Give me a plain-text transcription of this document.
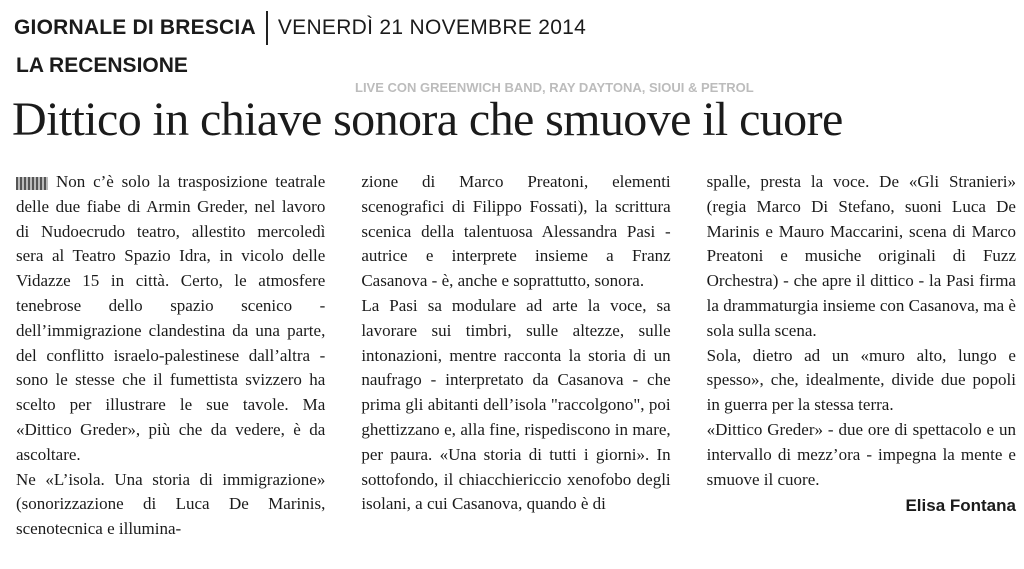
GIORNALE DI BRESCIA VENERDÌ 21 NOVEMBRE 2014
LA RECENSIONE
LIVE CON GREENWICH BAND, RAY DAYTONA, SIOUI & PETROL
Dittico in chiave sonora che smuove il cuore

Non c’è solo la trasposizione teatrale delle due fiabe di Armin Greder, nel lavoro di Nudoecrudo teatro, allestito mercoledì sera al Teatro Spazio Idra, in vicolo delle Vidazze 15 in città. Certo, le atmosfere tenebrose dello spazio scenico - dell’immigrazione clandestina da una parte, del conflitto israelo-palestinese dall’altra - sono le stesse che il fumettista svizzero ha scelto per illustrare le sue tavole. Ma «Dittico Greder», più che da vedere, è da ascoltare.

Ne «L’isola. Una storia di immigrazione» (sonorizzazione di Luca De Marinis, scenotecnica e illumina-

zione di Marco Preatoni, elementi scenografici di Filippo Fossati), la scrittura scenica della talentuosa Alessandra Pasi - autrice e interprete insieme a Franz Casanova - è, anche e soprattutto, sonora.

La Pasi sa modulare ad arte la voce, sa lavorare sui timbri, sulle altezze, sulle intonazioni, mentre racconta la storia di un naufrago - interpretato da Casanova - che prima gli abitanti dell’isola "raccolgono", poi ghettizzano e, alla fine, rispediscono in mare, per paura. «Una storia di tutti i giorni». In sottofondo, il chiacchiericcio xenofobo degli isolani, a cui Casanova, quando è di

spalle, presta la voce. De «Gli Stranieri» (regia Marco Di Stefano, suoni Luca De Marinis e Mauro Maccarini, scena di Marco Preatoni e musiche originali di Fuzz Orchestra) - che apre il dittico - la Pasi firma la drammaturgia insieme con Casanova, ma è sola sulla scena.

Sola, dietro ad un «muro alto, lungo e spesso», che, idealmente, divide due popoli in guerra per la stessa terra.

«Dittico Greder» - due ore di spettacolo e un intervallo di mezz’ora - impegna la mente e smuove il cuore.

Elisa Fontana
